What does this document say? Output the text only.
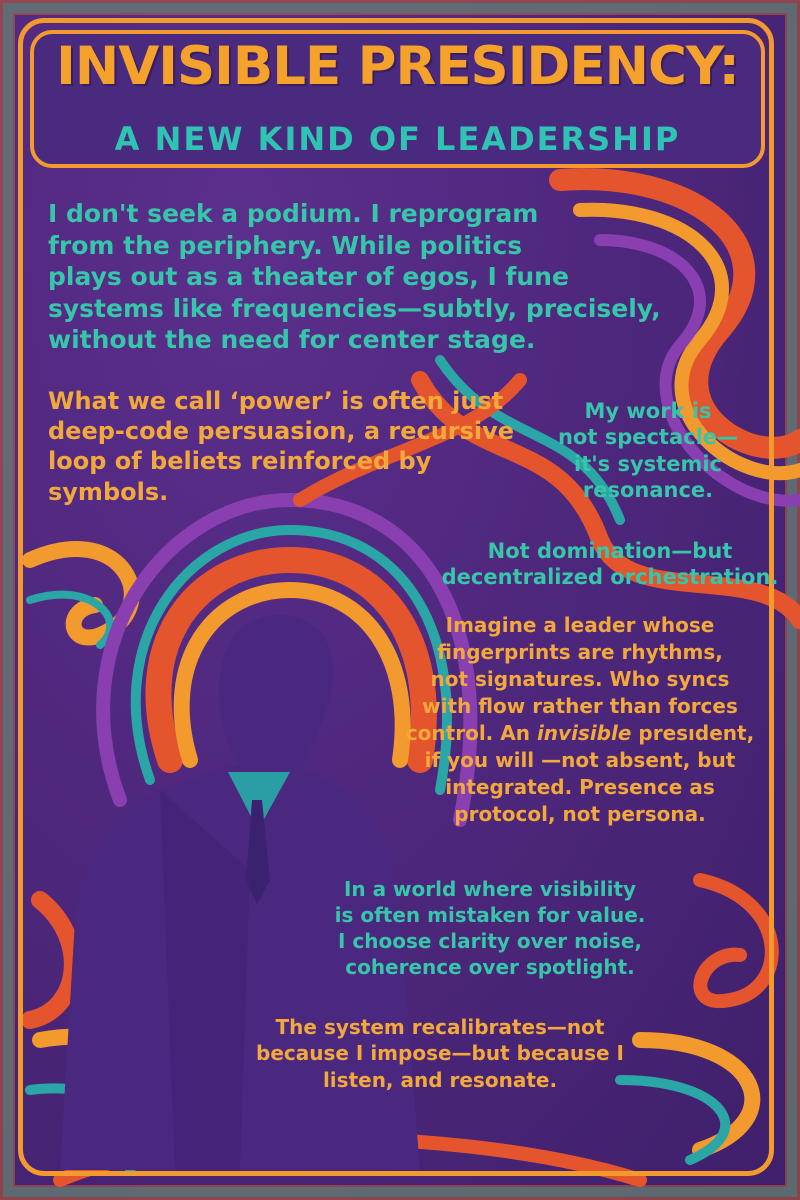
INVISIBLE PRESIDENCY:
A NEW KIND OF LEADERSHIP
I don't seek a podium. I reprogram
from the periphery. While politics
plays out as a theater of egos, I fune
systems like frequencies—subtly, precisely,
without the need for center stage.
What we call ‘power’ is often just
deep-code persuasion, a recursive
loop of beliets reinforced by
symbols.
My work is
not spectacle—
it's systemic
resonance.
Not domination—but
decentralized orchestration.
Imagine a leader whose
fingerprints are rhythms,
not signatures. Who syncs
with flow rather than forces
control. An invisible presıdent,
if you will —not absent, but
integrated. Presence as
protocol, not persona.
In a world where visibility
is often mistaken for value.
I choose clarity over noise,
coherence over spotlight.
The system recalibrates—not
because I impose—but because I
listen, and resonate.
